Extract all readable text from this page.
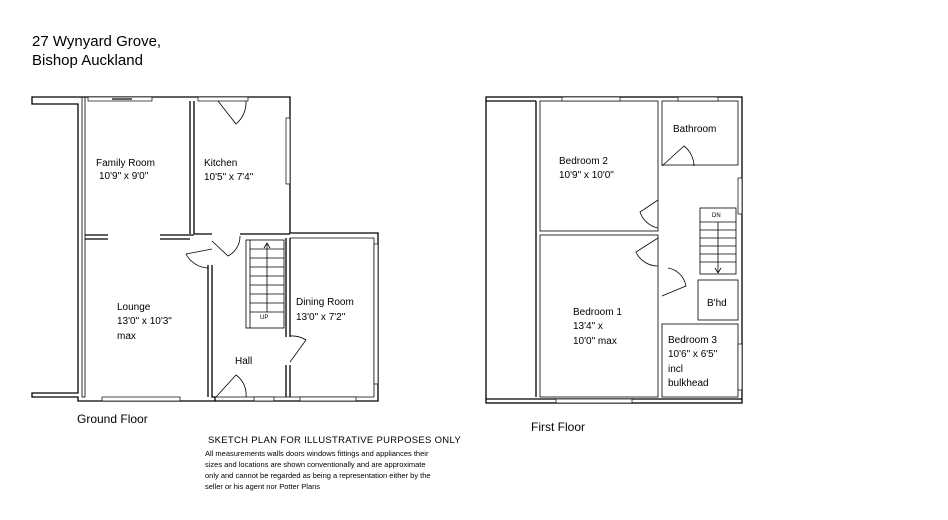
27 Wynyard Grove,
Bishop Auckland
Family Room
10'9" x 9'0"
Kitchen
10'5" x 7'4"
Lounge
13'0" x 10'3"
max
Dining Room
13'0" x 7'2"
Hall
UP
Ground Floor
Bathroom
Bedroom 2
10'9" x 10'0"
Bedroom 1
13'4" x
10'0" max
B'hd
Bedroom 3
10'6" x 6'5"
incl
bulkhead
DN
First Floor
SKETCH PLAN FOR ILLUSTRATIVE PURPOSES ONLY
All measurements walls doors windows fittings and appliances their
sizes and locations are shown conventionally and are approximate
only and cannot be regarded as being a representation either by the
seller or his agent nor Potter Plans
